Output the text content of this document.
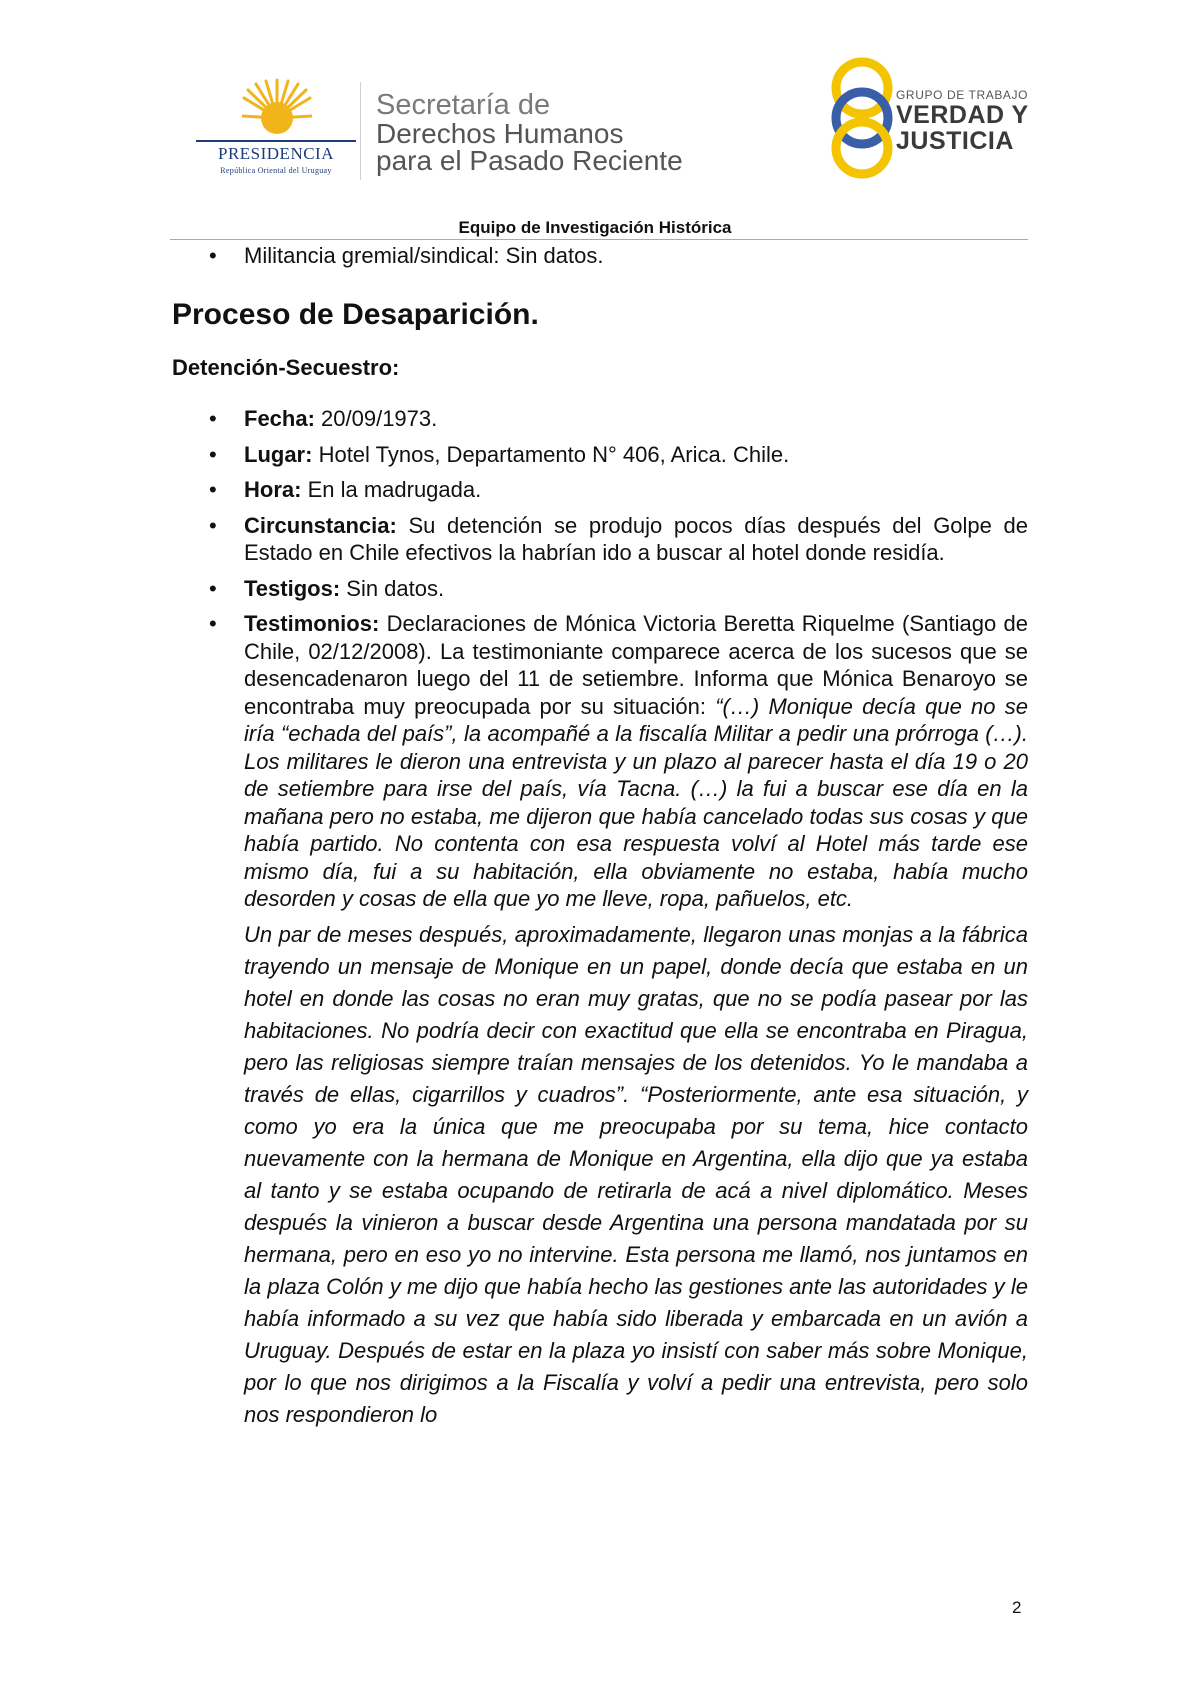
PRESIDENCIA
República Oriental del Uruguay
Secretaría de
Derechos Humanos
para el Pasado Reciente
GRUPO DE TRABAJO
VERDAD Y
JUSTICIA
Equipo de Investigación Histórica
• Militancia gremial/sindical: Sin datos.
Proceso de Desaparición.
Detención-Secuestro:
• Fecha: 20/09/1973.
• Lugar: Hotel Tynos, Departamento N° 406, Arica. Chile.
• Hora: En la madrugada.
• Circunstancia: Su detención se produjo pocos días después del Golpe de Estado en Chile efectivos la habrían ido a buscar al hotel donde residía.
• Testigos: Sin datos.
• Testimonios: Declaraciones de Mónica Victoria Beretta Riquelme (Santiago de Chile, 02/12/2008). La testimoniante comparece acerca de los sucesos que se desencadenaron luego del 11 de setiembre. Informa que Mónica Benaroyo se encontraba muy preocupada por su situación: “(…) Monique decía que no se iría “echada del país”, la acompañé a la fiscalía Militar a pedir una prórroga (…). Los militares le dieron una entrevista y un plazo al parecer hasta el día 19 o 20 de setiembre para irse del país, vía Tacna. (…) la fui a buscar ese día en la mañana pero no estaba, me dijeron que había cancelado todas sus cosas y que había partido. No contenta con esa respuesta volví al Hotel más tarde ese mismo día, fui a su habitación, ella obviamente no estaba, había mucho desorden y cosas de ella que yo me lleve, ropa, pañuelos, etc.
Un par de meses después, aproximadamente, llegaron unas monjas a la fábrica trayendo un mensaje de Monique en un papel, donde decía que estaba en un hotel en donde las cosas no eran muy gratas, que no se podía pasear por las habitaciones. No podría decir con exactitud que ella se encontraba en Piragua, pero las religiosas siempre traían mensajes de los detenidos. Yo le mandaba a través de ellas, cigarrillos y cuadros”. “Posteriormente, ante esa situación, y como yo era la única que me preocupaba por su tema, hice contacto nuevamente con la hermana de Monique en Argentina, ella dijo que ya estaba al tanto y se estaba ocupando de retirarla de acá a nivel diplomático. Meses después la vinieron a buscar desde Argentina una persona mandatada por su hermana, pero en eso yo no intervine. Esta persona me llamó, nos juntamos en la plaza Colón y me dijo que había hecho las gestiones ante las autoridades y le había informado a su vez que había sido liberada y embarcada en un avión a Uruguay. Después de estar en la plaza yo insistí con saber más sobre Monique, por lo que nos dirigimos a la Fiscalía y volví a pedir una entrevista, pero solo nos respondieron lo
2
